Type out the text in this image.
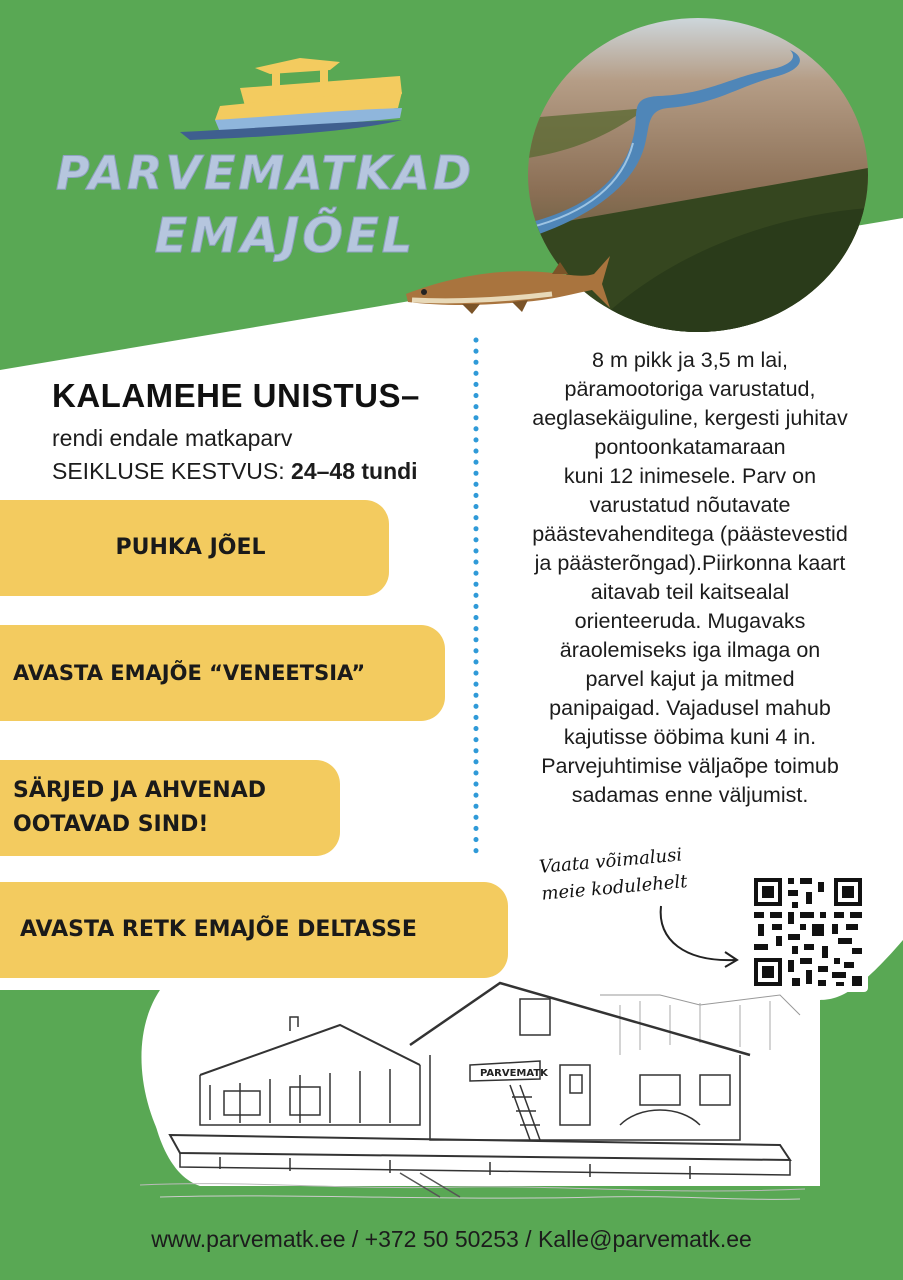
PARVEMATKAD
EMAJÕEL
KALAMEHE UNISTUS–
rendi endale matkaparv
SEIKLUSE KESTVUS: 24–48 tundi
PUHKA JÕEL
AVASTA EMAJÕE “VENEETSIA”
SÄRJED JA AHVENAD
OOTAVAD SIND!
AVASTA RETK EMAJÕE DELTASSE
8 m pikk ja 3,5 m lai,
päramootoriga varustatud,
aeglasekäiguline, kergesti juhitav
pontoonkatamaraan
kuni 12 inimesele. Parv on
varustatud nõutavate
päästevahenditega (päästevestid
ja päästerõngad).Piirkonna kaart
aitavab teil kaitsealal
orienteeruda. Mugavaks
äraolemiseks iga ilmaga on
parvel kajut ja mitmed
panipaigad. Vajadusel mahub
kajutisse ööbima kuni 4 in.
Parvejuhtimise väljaõpe toimub
sadamas enne väljumist.
Vaata võimalusi
meie kodulehelt
PARVEMATK
www.parvematk.ee / +372 50 50253 / Kalle@parvematk.ee
